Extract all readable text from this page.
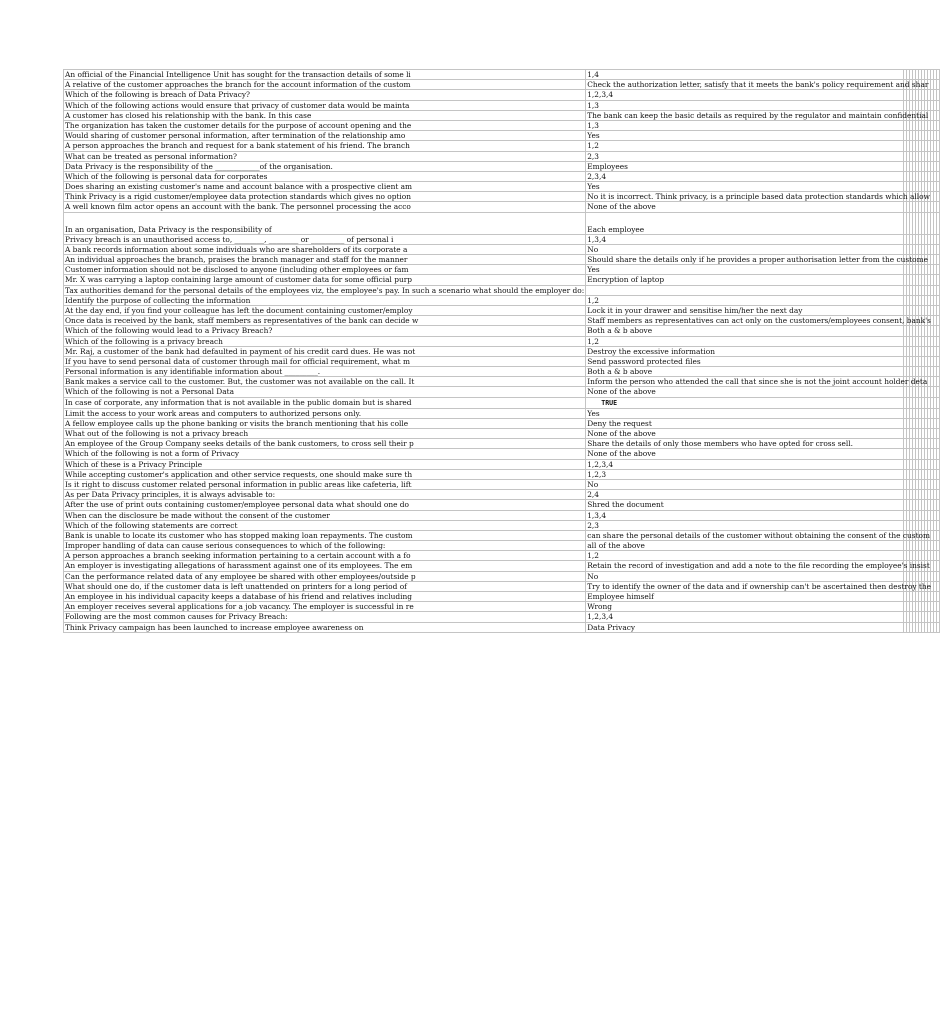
An official of the Financial Intelligence Unit has sought for the transaction details of some li	1,4												
A relative of the customer approaches the branch for the account information of the custom	Check the authorization letter, satisfy that it meets the bank's policy requirement and shar												
Which of the following is breach of Data Privacy?	1,2,3,4												
Which of the following actions would ensure that privacy of customer data would be mainta	1,3												
A customer has closed his relationship with the bank. In this case	The bank can keep the basic details as required by the regulator and maintain confidential												
The organization has taken the customer details for the purpose of account opening and the	1,3												
Would sharing of customer personal information, after termination of the relationship amo	Yes												
A person approaches the branch and request for a bank statement of his friend. The branch	1,2												
What can be treated as personal information?	2,3												
Data Privacy is the responsibility of the ____________of the organisation.	Employees												
Which of the following is personal data for corporates	2,3,4												
Does sharing an existing customer's name and account balance with a prospective client am	Yes												
Think Privacy is a rigid customer/employee data protection standards which gives no option	No it is incorrect. Think privacy, is a principle based data protection standards which allow												
A well known film actor opens an account with the bank. The personnel processing the acco	None of the above												
In an organisation, Data Privacy is the responsibility of	Each employee												
Privacy breach is an unauthorised access to, ________, ________ or _________ of personal i	1,3,4												
A bank records information about some individuals who are shareholders of its corporate a	No												
An individual approaches the branch, praises the branch manager and staff for the manner	Should share the details only if he provides a proper authorisation letter from the custome												
Customer information should not be disclosed to anyone (including other employees or fam	Yes												
Mr. X was carrying a laptop containing large amount of customer data for some official purp	Encryption of laptop												
Tax authorities demand for the personal details of the employees viz, the employee's pay. In such a scenario what should the employer do:													
Identify the purpose of collecting the information	1,2												
At the day end, if you find your colleague has left the document containing customer/employ	Lock it in your drawer and sensitise him/her the next day												
Once data is received by the bank, staff members as representatives of the bank can decide w	Staff members as representatives can act only on the customers/employees consent, bank's												
Which of the following would lead to a Privacy Breach?	Both a & b above												
Which of the following is a privacy breach	1,2												
Mr. Raj, a customer of the bank had defaulted in payment of his credit card dues. He was not	Destroy the excessive information												
If you have to send personal data of customer through mail for official requirement, what m	Send password protected files												
Personal information is any identifiable information about _________.	Both a & b above												
Bank makes a service call to the customer. But, the customer was not available on the call. It	Inform the person who attended the call that since she is not the joint account holder deta												
Which of the following is not a Personal Data	None of the above												
In case of corporate, any information that is not available in the public domain but is shared	TRUE												
Limit the access to your work areas and computers to authorized persons only.	Yes												
A fellow employee calls up the phone banking or visits the branch mentioning that his colle	Deny the request												
What out of the following is not a privacy breach	None of the above												
An employee of the Group Company seeks details of the bank customers, to cross sell their p	Share the details of only those members who have opted for cross sell.												
Which of the following is not a form of Privacy	None of the above												
Which of these is a Privacy Principle	1,2,3,4												
While accepting customer's application and other service requests, one should make sure th	1,2,3												
Is it right to discuss customer related personal information in public areas like cafeteria, lift	No												
As per Data Privacy principles, it is always advisable to:	2,4												
After the use of print outs containing customer/employee personal data what should one do	Shred the document												
When can the disclosure be made without the consent of the customer	1,3,4												
Which of the following statements are correct	2,3												
Bank is unable to locate its customer who has stopped making loan repayments. The custom	can share the personal details of the customer without obtaining the consent of the custom												
Improper handling of data can cause serious consequences to which of the following:	all of the above												
A person approaches a branch seeking information pertaining to a certain account with a fo	1,2												
An employer is investigating allegations of harassment against one of its employees. The em	Retain the record of investigation and add a note to the file recording the employee's insist												
Can the performance related data of any employee be shared with other employees/outside p	No												
What should one do, if the customer data is left unattended on printers for a long period of	Try to identify the owner of the data and if ownership can't be ascertained then destroy the												
An employee in his individual capacity keeps a database of his friend and relatives including	Employee himself												
An employer receives several applications for a job vacancy. The employer is successful in re	Wrong												
Following are the most common causes for Privacy Breach:	1,2,3,4												
Think Privacy campaign has been launched to increase employee awareness on	Data Privacy												
